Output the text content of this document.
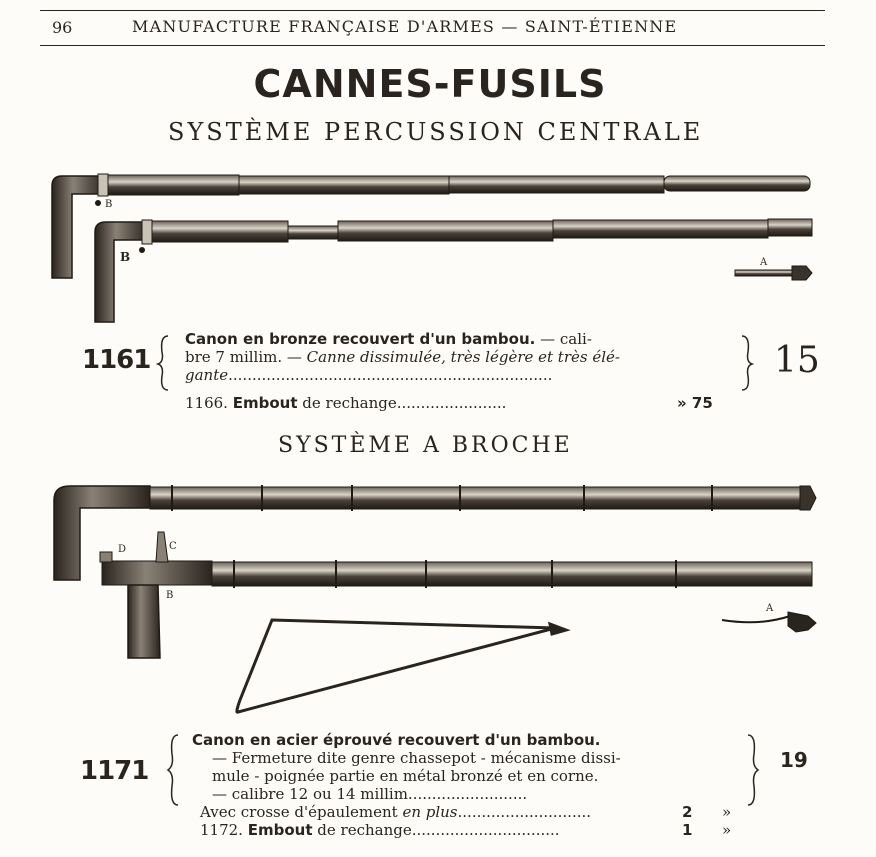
96	MANUFACTURE FRANÇAISE D'ARMES — SAINT-ÉTIENNE
CANNES-FUSILS
SYSTÈME PERCUSSION CENTRALE
B
B	A
D	C
B
A
1161
Canon en bronze recouvert d'un bambou. — cali-
bre 7 millim. — Canne dissimulée, très légère et très élé-
gante....................................................................	15
1166. Embout de rechange.......................	» 75
SYSTÈME A BROCHE
1171
Canon en acier éprouvé recouvert d'un bambou.
— Fermeture dite genre chassepot - mécanisme dissi-
mule - poignée partie en métal bronzé et en corne.
— calibre 12 ou 14 millim.........................
19
Avec crosse d'épaulement en plus............................	2 »
1172. Embout de rechange...............................	1 »
